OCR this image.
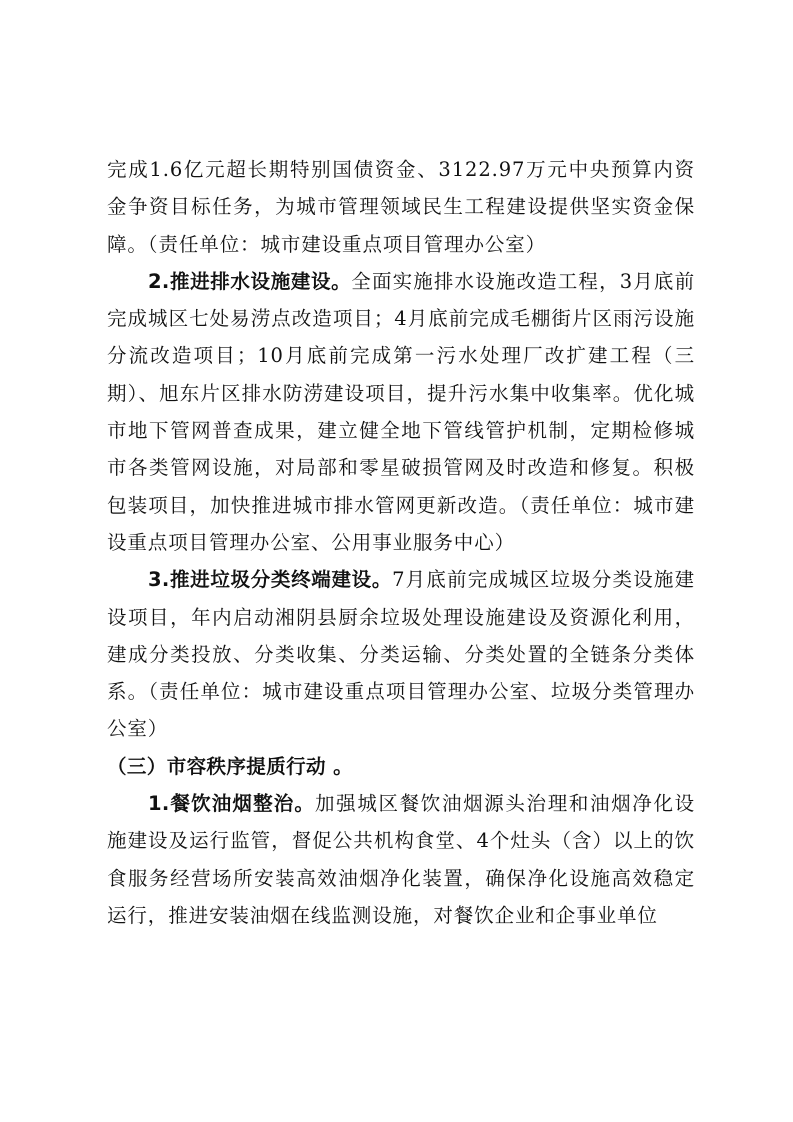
完成1.6亿元超长期特别国债资金、3122.97万元中央预算内资金争资目标任务，为城市管理领域民生工程建设提供坚实资金保障。（责任单位：城市建设重点项目管理办公室）

2.推进排水设施建设。全面实施排水设施改造工程，3月底前完成城区七处易涝点改造项目；4月底前完成毛棚街片区雨污设施分流改造项目；10月底前完成第一污水处理厂改扩建工程（三期）、旭东片区排水防涝建设项目，提升污水集中收集率。优化城市地下管网普查成果，建立健全地下管线管护机制，定期检修城市各类管网设施，对局部和零星破损管网及时改造和修复。积极包装项目，加快推进城市排水管网更新改造。（责任单位：城市建设重点项目管理办公室、公用事业服务中心）

3.推进垃圾分类终端建设。7月底前完成城区垃圾分类设施建设项目，年内启动湘阴县厨余垃圾处理设施建设及资源化利用，建成分类投放、分类收集、分类运输、分类处置的全链条分类体系。（责任单位：城市建设重点项目管理办公室、垃圾分类管理办公室）

（三）市容秩序提质行动 。

1.餐饮油烟整治。加强城区餐饮油烟源头治理和油烟净化设施建设及运行监管，督促公共机构食堂、4个灶头（含）以上的饮食服务经营场所安装高效油烟净化装置，确保净化设施高效稳定运行，推进安装油烟在线监测设施，对餐饮企业和企事业单位
